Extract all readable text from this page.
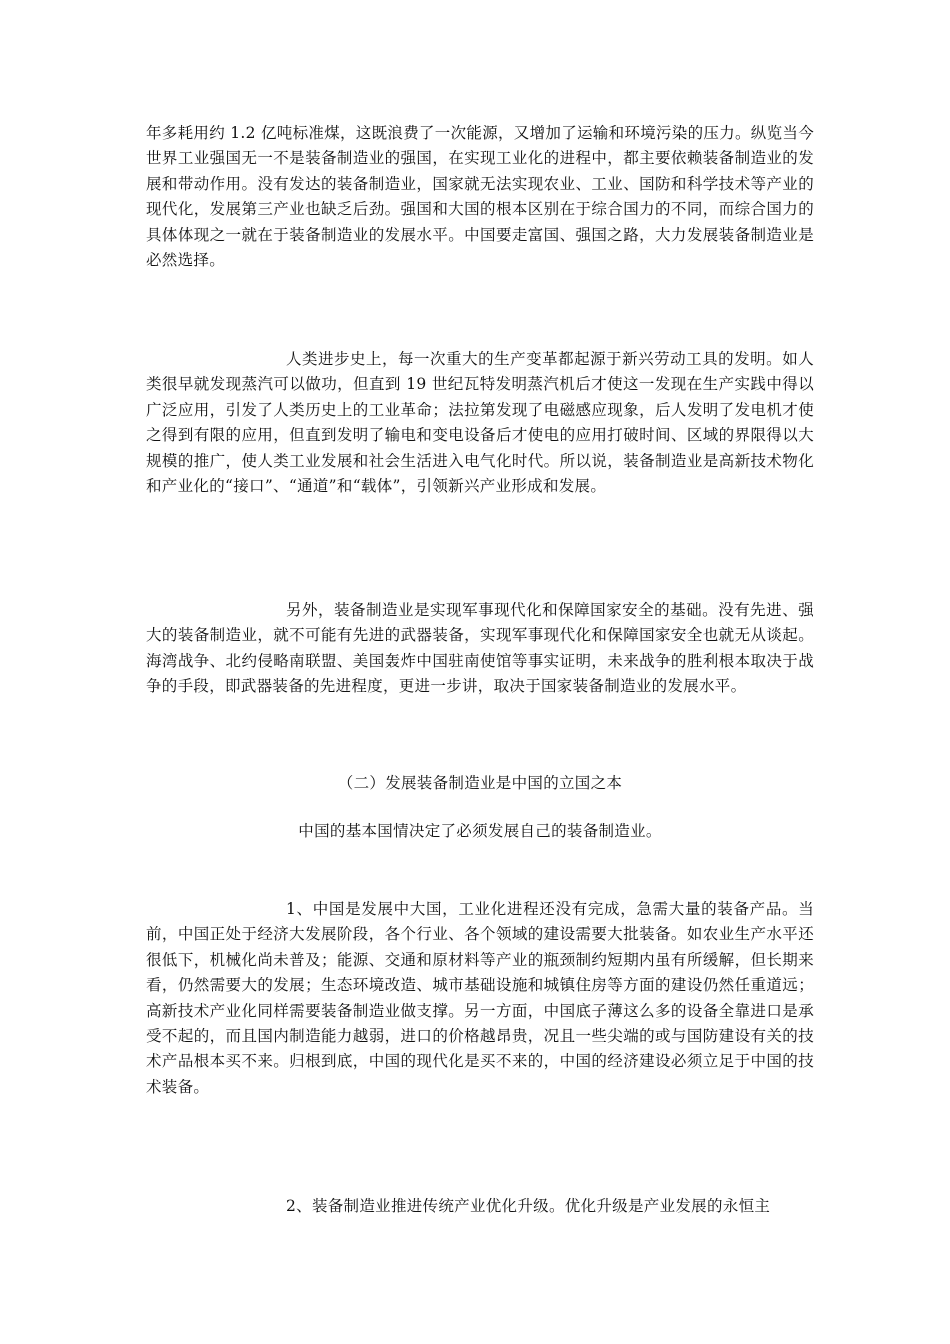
年多耗用约 1.2 亿吨标准煤，这既浪费了一次能源，又增加了运输和环境污染的压力。纵览当今世界工业强国无一不是装备制造业的强国，在实现工业化的进程中，都主要依赖装备制造业的发展和带动作用。没有发达的装备制造业，国家就无法实现农业、工业、国防和科学技术等产业的现代化，发展第三产业也缺乏后劲。强国和大国的根本区别在于综合国力的不同，而综合国力的具体体现之一就在于装备制造业的发展水平。中国要走富国、强国之路，大力发展装备制造业是必然选择。

人类进步史上，每一次重大的生产变革都起源于新兴劳动工具的发明。如人类很早就发现蒸汽可以做功，但直到 19 世纪瓦特发明蒸汽机后才使这一发现在生产实践中得以广泛应用，引发了人类历史上的工业革命；法拉第发现了电磁感应现象，后人发明了发电机才使之得到有限的应用，但直到发明了输电和变电设备后才使电的应用打破时间、区域的界限得以大规模的推广，使人类工业发展和社会生活进入电气化时代。所以说，装备制造业是高新技术物化和产业化的“接口”、“通道”和“载体”，引领新兴产业形成和发展。

另外，装备制造业是实现军事现代化和保障国家安全的基础。没有先进、强大的装备制造业，就不可能有先进的武器装备，实现军事现代化和保障国家安全也就无从谈起。海湾战争、北约侵略南联盟、美国轰炸中国驻南使馆等事实证明，未来战争的胜利根本取决于战争的手段，即武器装备的先进程度，更进一步讲，取决于国家装备制造业的发展水平。

（二）发展装备制造业是中国的立国之本

中国的基本国情决定了必须发展自己的装备制造业。

1、中国是发展中大国，工业化进程还没有完成，急需大量的装备产品。当前，中国正处于经济大发展阶段，各个行业、各个领域的建设需要大批装备。如农业生产水平还很低下，机械化尚未普及；能源、交通和原材料等产业的瓶颈制约短期内虽有所缓解，但长期来看，仍然需要大的发展；生态环境改造、城市基础设施和城镇住房等方面的建设仍然任重道远；高新技术产业化同样需要装备制造业做支撑。另一方面，中国底子薄这么多的设备全靠进口是承受不起的，而且国内制造能力越弱，进口的价格越昂贵，况且一些尖端的或与国防建设有关的技术产品根本买不来。归根到底，中国的现代化是买不来的，中国的经济建设必须立足于中国的技术装备。

2、装备制造业推进传统产业优化升级。优化升级是产业发展的永恒主
